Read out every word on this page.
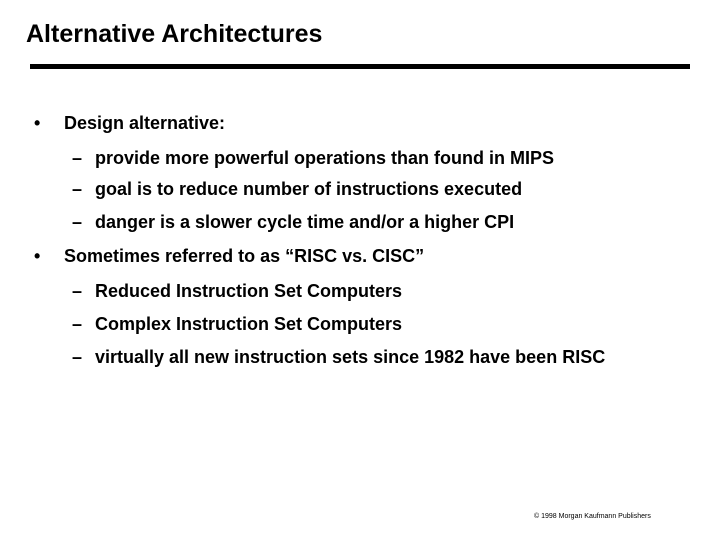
Alternative Architectures
• Design alternative:
– provide more powerful operations than found in MIPS
– goal is to reduce number of instructions executed
– danger is a slower cycle time and/or a higher CPI
• Sometimes referred to as “RISC vs. CISC”
– Reduced Instruction Set Computers
– Complex Instruction Set Computers
– virtually all new instruction sets since 1982 have been RISC
© 1998 Morgan Kaufmann Publishers
